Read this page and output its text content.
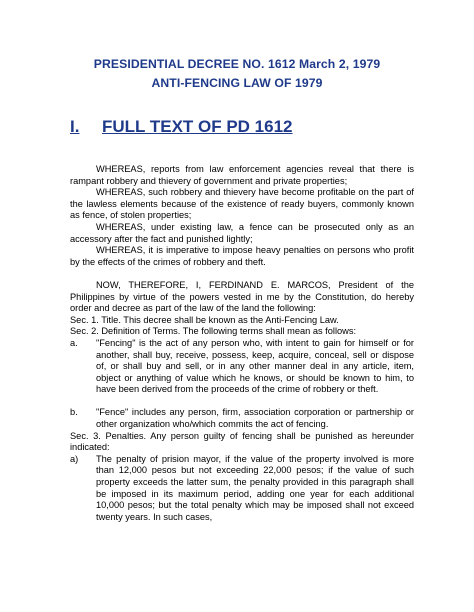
PRESIDENTIAL DECREE NO. 1612 March 2, 1979
ANTI-FENCING LAW OF 1979
I.	FULL TEXT OF PD 1612

WHEREAS, reports from law enforcement agencies reveal that there is rampant robbery and thievery of government and private properties;

WHEREAS, such robbery and thievery have become profitable on the part of the lawless elements because of the existence of ready buyers, commonly known as fence, of stolen properties;

WHEREAS, under existing law, a fence can be prosecuted only as an accessory after the fact and punished lightly;

WHEREAS, it is imperative to impose heavy penalties on persons who profit by the effects of the crimes of robbery and theft.

NOW, THEREFORE, I, FERDINAND E. MARCOS, President of the Philippines by virtue of the powers vested in me by the Constitution, do hereby order and decree as part of the law of the land the following:

Sec. 1. Title. This decree shall be known as the Anti-Fencing Law.

Sec. 2. Definition of Terms. The following terms shall mean as follows:

a.	"Fencing" is the act of any person who, with intent to gain for himself or for another, shall buy, receive, possess, keep, acquire, conceal, sell or dispose of, or shall buy and sell, or in any other manner deal in any article, item, object or anything of value which he knows, or should be known to him, to have been derived from the proceeds of the crime of robbery or theft.
b.	"Fence" includes any person, firm, association corporation or partnership or other organization who/which commits the act of fencing.

Sec. 3. Penalties. Any person guilty of fencing shall be punished as hereunder indicated:

a)	The penalty of prision mayor, if the value of the property involved is more than 12,000 pesos but not exceeding 22,000 pesos; if the value of such property exceeds the latter sum, the penalty provided in this paragraph shall be imposed in its maximum period, adding one year for each additional 10,000 pesos; but the total penalty which may be imposed shall not exceed twenty years. In such cases,
